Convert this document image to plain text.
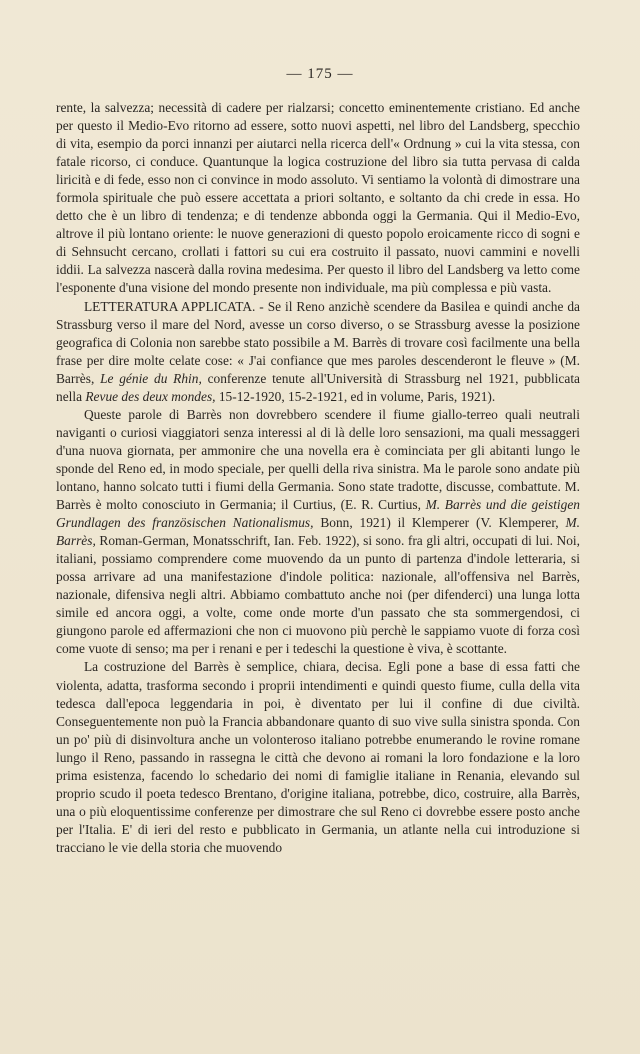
— 175 —

rente, la salvezza; necessità di cadere per rialzarsi; concetto eminentemente cristiano. Ed anche per questo il Medio-Evo ritorno ad essere, sotto nuovi aspetti, nel libro del Landsberg, specchio di vita, esempio da porci innanzi per aiutarci nella ricerca dell'« Ordnung » cui la vita stessa, con fatale ricorso, ci conduce. Quantunque la logica costruzione del libro sia tutta pervasa di calda liricità e di fede, esso non ci convince in modo assoluto. Vi sentiamo la volontà di dimostrare una formola spirituale che può essere accettata a priori soltanto, e soltanto da chi crede in essa. Ho detto che è un libro di tendenza; e di tendenze abbonda oggi la Germania. Qui il Medio-Evo, altrove il più lontano oriente: le nuove generazioni di questo popolo eroicamente ricco di sogni e di Sehnsucht cercano, crollati i fattori su cui era costruito il passato, nuovi cammini e novelli iddii. La salvezza nascerà dalla rovina medesima. Per questo il libro del Landsberg va letto come l'esponente d'una visione del mondo presente non individuale, ma più complessa e più vasta.

LETTERATURA APPLICATA. - Se il Reno anzichè scendere da Basilea e quindi anche da Strassburg verso il mare del Nord, avesse un corso diverso, o se Strassburg avesse la posizione geografica di Colonia non sarebbe stato possibile a M. Barrès di trovare così facilmente una bella frase per dire molte celate cose: « J'ai confiance que mes paroles descenderont le fleuve » (M. Barrès, Le génie du Rhin, conferenze tenute all'Università di Strassburg nel 1921, pubblicata nella Revue des deux mondes, 15-12-1920, 15-2-1921, ed in volume, Paris, 1921).

Queste parole di Barrès non dovrebbero scendere il fiume giallo-terreo quali neutrali naviganti o curiosi viaggiatori senza interessi al di là delle loro sensazioni, ma quali messaggeri d'una nuova giornata, per ammonire che una novella era è cominciata per gli abitanti lungo le sponde del Reno ed, in modo speciale, per quelli della riva sinistra. Ma le parole sono andate più lontano, hanno solcato tutti i fiumi della Germania. Sono state tradotte, discusse, combattute. M. Barrès è molto conosciuto in Germania; il Curtius, (E. R. Curtius, M. Barrès und die geistigen Grundlagen des französischen Nationalismus, Bonn, 1921) il Klemperer (V. Klemperer, M. Barrès, Roman-German, Monatsschrift, Ian. Feb. 1922), si sono. fra gli altri, occupati di lui. Noi, italiani, possiamo comprendere come muovendo da un punto di partenza d'indole letteraria, si possa arrivare ad una manifestazione d'indole politica: nazionale, all'offensiva nel Barrès, nazionale, difensiva negli altri. Abbiamo combattuto anche noi (per difenderci) una lunga lotta simile ed ancora oggi, a volte, come onde morte d'un passato che sta sommergendosi, ci giungono parole ed affermazioni che non ci muovono più perchè le sappiamo vuote di forza così come vuote di senso; ma per i renani e per i tedeschi la questione è viva, è scottante.

La costruzione del Barrès è semplice, chiara, decisa. Egli pone a base di essa fatti che violenta, adatta, trasforma secondo i proprii intendimenti e quindi questo fiume, culla della vita tedesca dall'epoca leggendaria in poi, è diventato per lui il confine di due civiltà. Conseguentemente non può la Francia abbandonare quanto di suo vive sulla sinistra sponda. Con un po' più di disinvoltura anche un volonteroso italiano potrebbe enumerando le rovine romane lungo il Reno, passando in rassegna le città che devono ai romani la loro fondazione e la loro prima esistenza, facendo lo schedario dei nomi di famiglie italiane in Renania, elevando sul proprio scudo il poeta tedesco Brentano, d'origine italiana, potrebbe, dico, costruire, alla Barrès, una o più eloquentissime conferenze per dimostrare che sul Reno ci dovrebbe essere posto anche per l'Italia. E' di ieri del resto e pubblicato in Germania, un atlante nella cui introduzione si tracciano le vie della storia che muovendo
